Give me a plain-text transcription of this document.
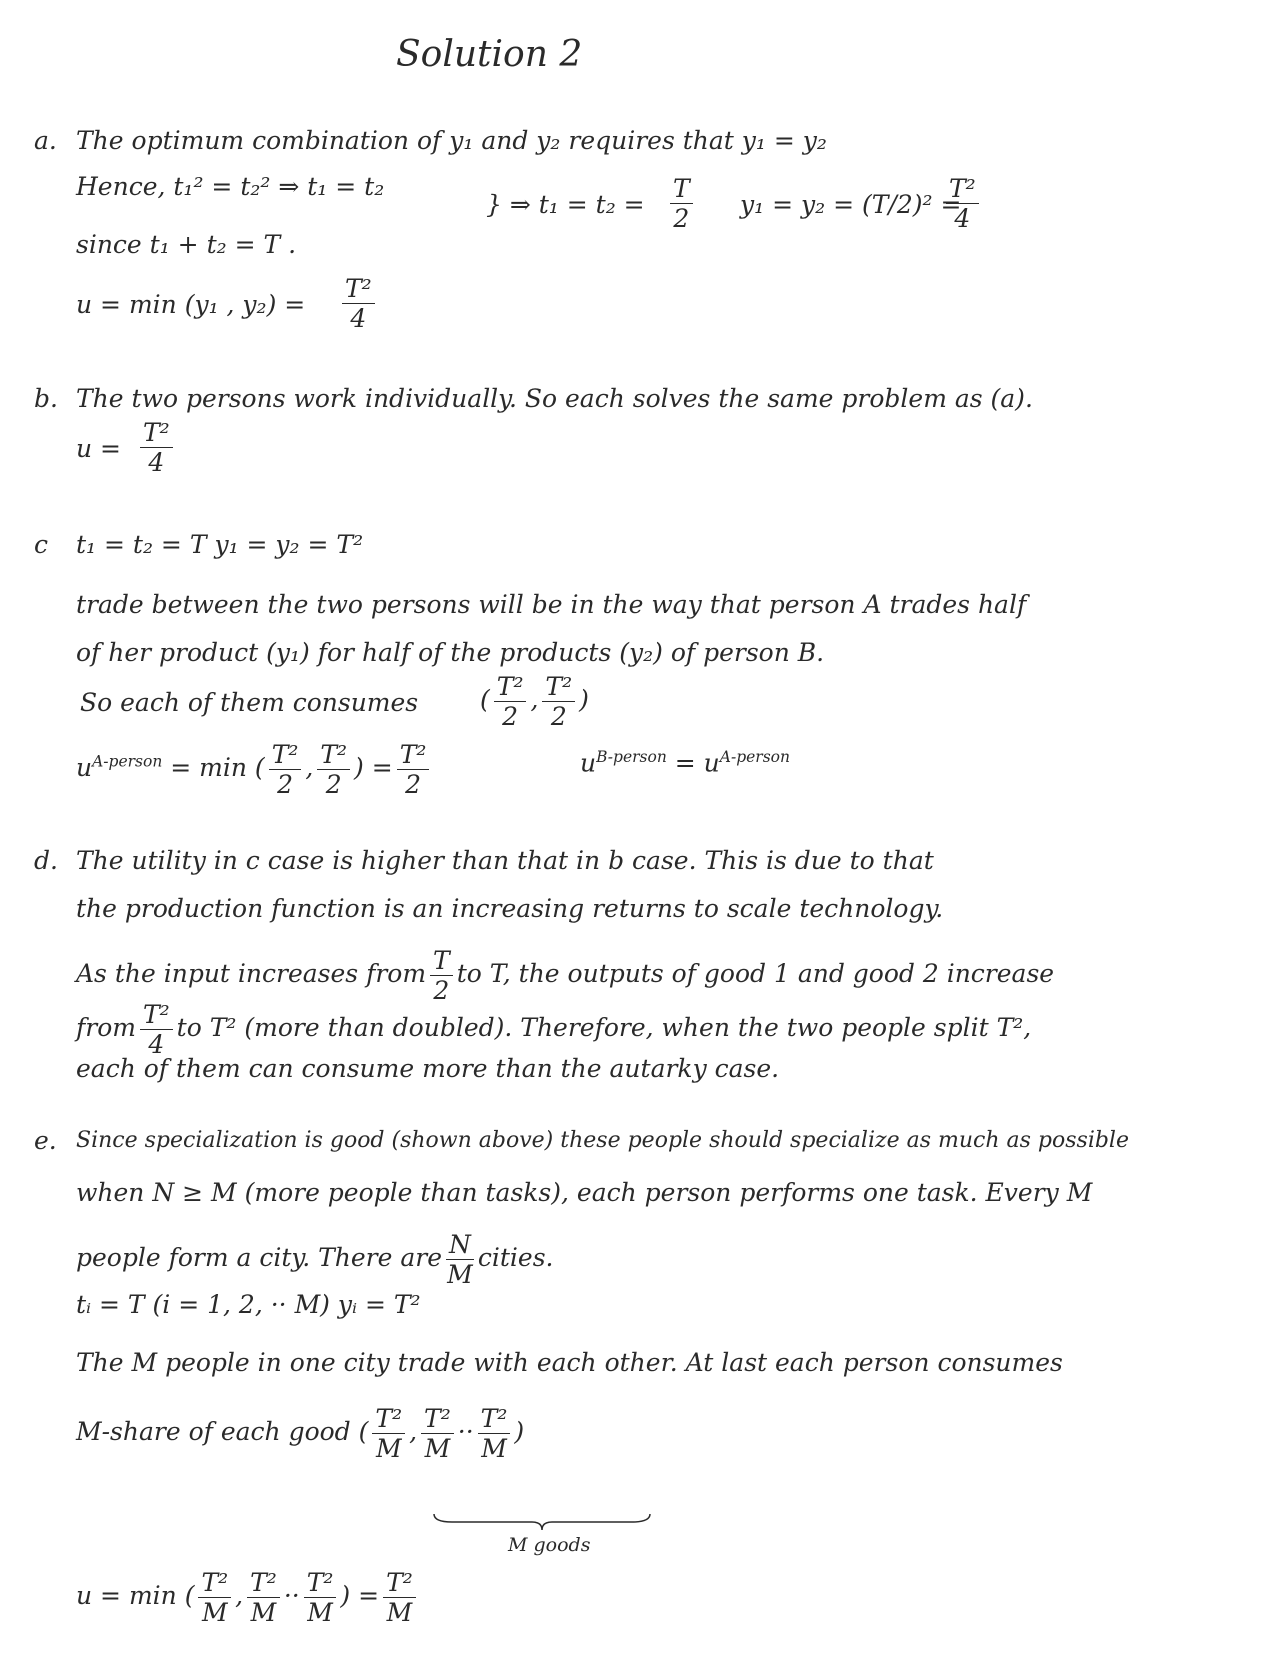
Solution 2
a. The optimum combination of y₁ and y₂ requires that y₁ = y₂
Hence, t₁² = t₂² ⇒ t₁ = t₂
} ⇒ $t_1 = t_2 = \frac{T}{2} y_1 = y_2 = (T/2)^2$ =
$\frac{\text{T²}}{4}$
since t₁ + t₂ = T .
u = min (y₁ , $y_2) = \frac{\text{T²}}{4}$
b. The two persons work individually. So each solves the same problem as (a).
$u = \frac{\text{T²}}{4}$
c t₁ = t₂ = T y₁ = y₂ = T²
trade between the two persons will be in the way that person A trades half
of her product (y₁) for half of the products (y₂) of person B.
So each of them consumes ( $\frac{\text{T²}}{2}$ , $\frac{\text{T²}}{2}$ )
$u^{A-person} = \min$ ( $\frac{\text{T²}}{2}$ , $\frac{\text{T²}}{2}$ ) = $\frac{\text{T²}}{2}$	$u^{B-person} = u^{A-person}$
d. The utility in c case is higher than that in b case. This is due to that
the production function is an increasing returns to scale technology.
As the input increases from $\frac{T}{2}$ to T, the outputs of good 1 and good 2 increase
from $\frac{\text{T²}}{4}$ to T² (more than doubled). Therefore, when the two people split T²,
each of them can consume more than the autarky case.
e. Since specialization is good (shown above) these people should specialize as much as possible
when N ≥ M (more people than tasks), each person performs one task. Every M
people form a city. There are $\frac{N}{M}$ cities.
tᵢ = T (i = 1, 2, ·· M) yᵢ = T²
The M people in one city trade with each other. At last each person consumes
M-share of each good ( $\frac{\text{T²}}{M}$ , $\frac{\text{T²}}{M} \cdot\cdot \frac{\text{T²}}{M}$ )
M goods
u = min ( $\frac{\text{T²}}{M}$ , $\frac{\text{T²}}{M} \cdot\cdot \frac{\text{T²}}{M}$ ) = $\frac{\text{T²}}{M}$
